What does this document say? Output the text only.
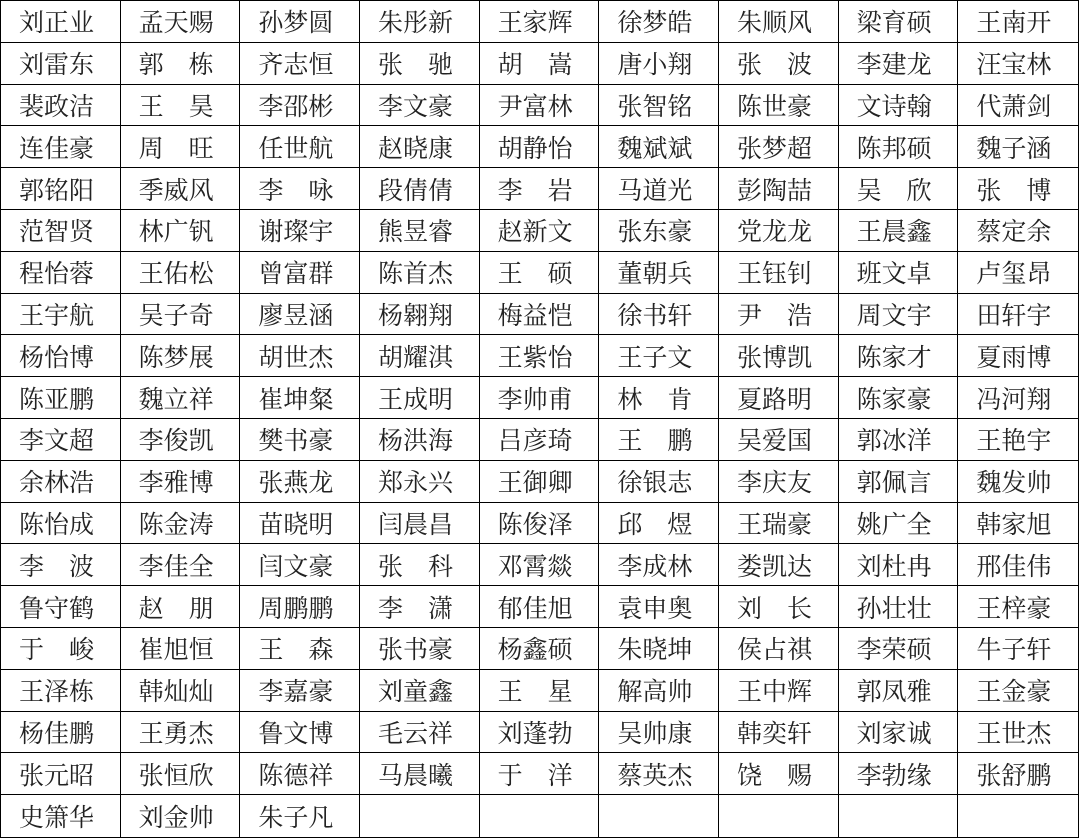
刘正业	孟天赐	孙梦圆	朱彤新	王家辉	徐梦皓	朱顺风	梁育硕	王南开
刘雷东	郭　栋	齐志恒	张　驰	胡　嵩	唐小翔	张　波	李建龙	汪宝林
裴政洁	王　昊	李邵彬	李文豪	尹富林	张智铭	陈世豪	文诗翰	代萧剑
连佳豪	周　旺	任世航	赵晓康	胡静怡	魏斌斌	张梦超	陈邦硕	魏子涵
郭铭阳	季威风	李　咏	段倩倩	李　岩	马道光	彭陶喆	吴　欣	张　博
范智贤	林广钒	谢璨宇	熊昱睿	赵新文	张东豪	党龙龙	王晨鑫	蔡定余
程怡蓉	王佑松	曾富群	陈首杰	王　硕	董朝兵	王钰钊	班文卓	卢玺昂
王宇航	吴子奇	廖昱涵	杨翱翔	梅益恺	徐书轩	尹　浩	周文宇	田轩宇
杨怡博	陈梦展	胡世杰	胡耀淇	王紫怡	王子文	张博凯	陈家才	夏雨博
陈亚鹏	魏立祥	崔坤粲	王成明	李帅甫	林　肯	夏路明	陈家豪	冯河翔
李文超	李俊凯	樊书豪	杨洪海	吕彦琦	王　鹏	吴爱国	郭冰洋	王艳宇
余林浩	李雅博	张燕龙	郑永兴	王御卿	徐银志	李庆友	郭佩言	魏发帅
陈怡成	陈金涛	苗晓明	闫晨昌	陈俊泽	邱　煜	王瑞豪	姚广全	韩家旭
李　波	李佳全	闫文豪	张　科	邓霄燚	李成林	娄凯达	刘杜冉	邢佳伟
鲁守鹤	赵　朋	周鹏鹏	李　潇	郁佳旭	袁申奥	刘　长	孙壮壮	王梓豪
于　峻	崔旭恒	王　森	张书豪	杨鑫硕	朱晓坤	侯占祺	李荣硕	牛子轩
王泽栋	韩灿灿	李嘉豪	刘童鑫	王　星	解高帅	王中辉	郭凤雅	王金豪
杨佳鹏	王勇杰	鲁文博	毛云祥	刘蓬勃	吴帅康	韩奕轩	刘家诚	王世杰
张元昭	张恒欣	陈德祥	马晨曦	于　洋	蔡英杰	饶　赐	李勃缘	张舒鹏
史箫华	刘金帅	朱子凡
